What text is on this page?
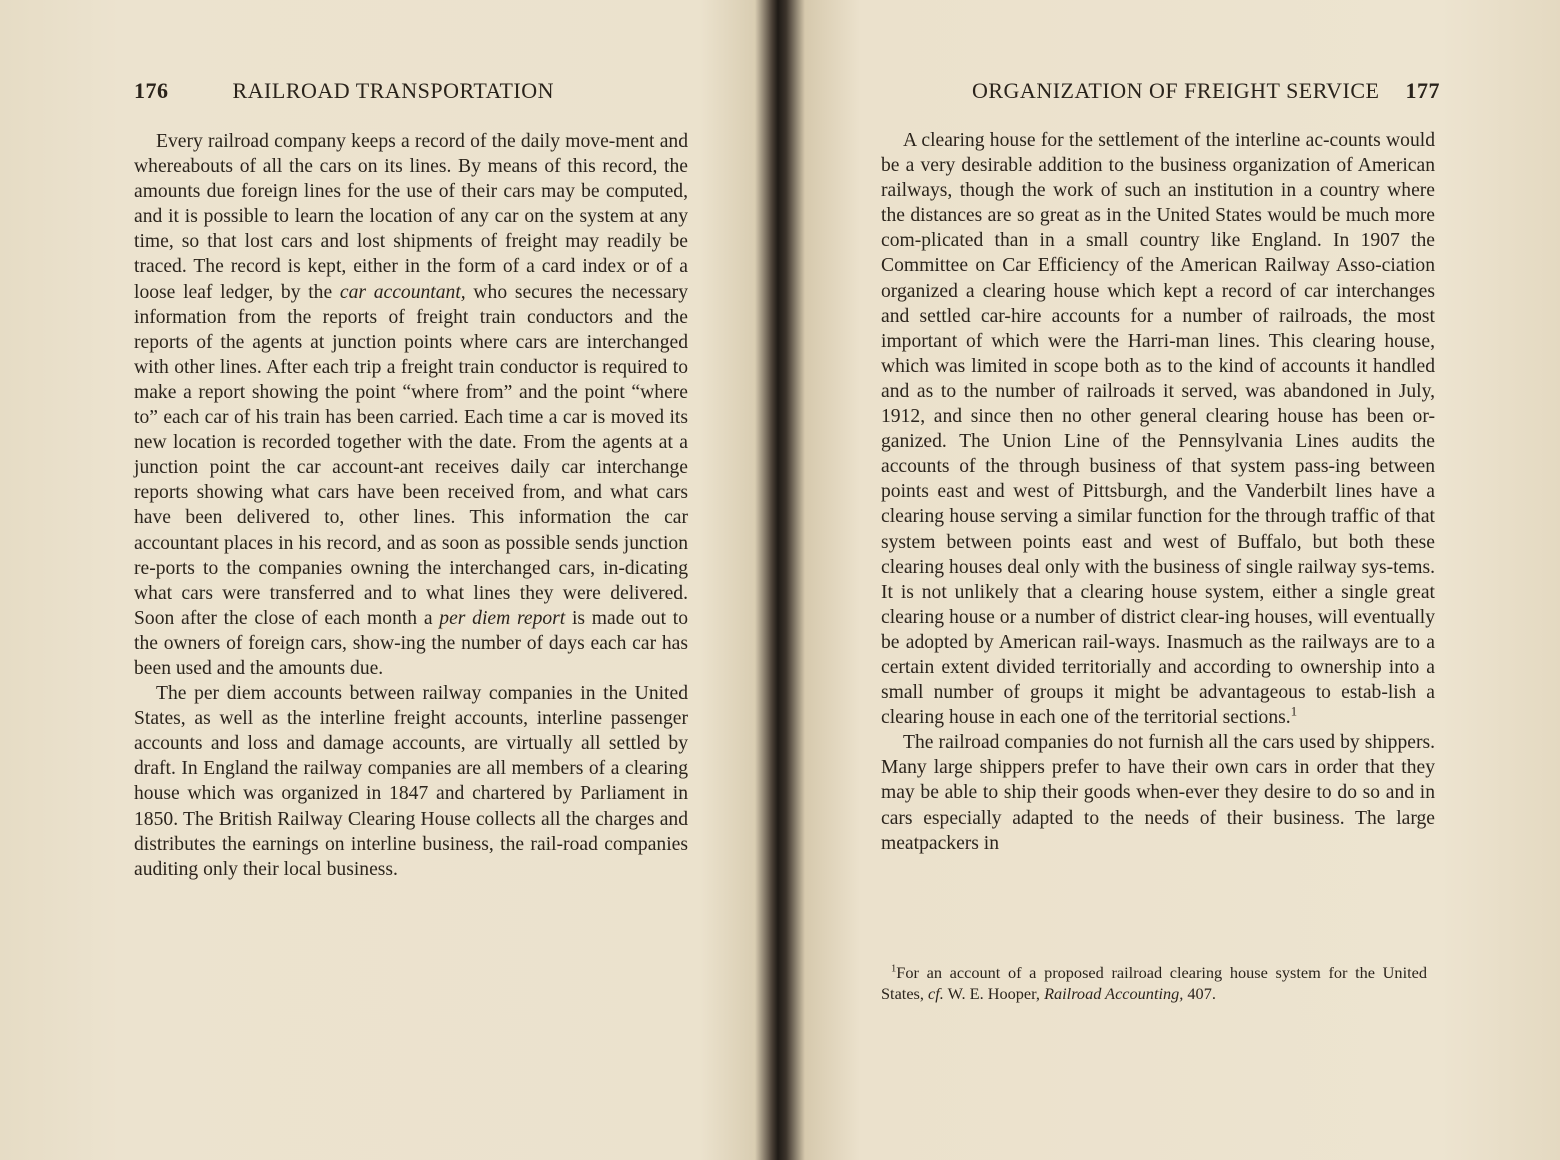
176	RAILROAD TRANSPORTATION

Every railroad company keeps a record of the daily move-ment and whereabouts of all the cars on its lines. By means of this record, the amounts due foreign lines for the use of their cars may be computed, and it is possible to learn the location of any car on the system at any time, so that lost cars and lost shipments of freight may readily be traced. The record is kept, either in the form of a card index or of a loose leaf ledger, by the car accountant, who secures the necessary information from the reports of freight train conductors and the reports of the agents at junction points where cars are interchanged with other lines. After each trip a freight train conductor is required to make a report showing the point “where from” and the point “where to” each car of his train has been carried. Each time a car is moved its new location is recorded together with the date. From the agents at a junction point the car account-ant receives daily car interchange reports showing what cars have been received from, and what cars have been delivered to, other lines. This information the car accountant places in his record, and as soon as possible sends junction re-ports to the companies owning the interchanged cars, in-dicating what cars were transferred and to what lines they were delivered. Soon after the close of each month a per diem report is made out to the owners of foreign cars, show-ing the number of days each car has been used and the amounts due.

The per diem accounts between railway companies in the United States, as well as the interline freight accounts, interline passenger accounts and loss and damage accounts, are virtually all settled by draft. In England the railway companies are all members of a clearing house which was organized in 1847 and chartered by Parliament in 1850. The British Railway Clearing House collects all the charges and distributes the earnings on interline business, the rail-road companies auditing only their local business.

ORGANIZATION OF FREIGHT SERVICE 177

A clearing house for the settlement of the interline ac-counts would be a very desirable addition to the business organization of American railways, though the work of such an institution in a country where the distances are so great as in the United States would be much more com-plicated than in a small country like England. In 1907 the Committee on Car Efficiency of the American Railway Asso-ciation organized a clearing house which kept a record of car interchanges and settled car-hire accounts for a number of railroads, the most important of which were the Harri-man lines. This clearing house, which was limited in scope both as to the kind of accounts it handled and as to the number of railroads it served, was abandoned in July, 1912, and since then no other general clearing house has been or-ganized. The Union Line of the Pennsylvania Lines audits the accounts of the through business of that system pass-ing between points east and west of Pittsburgh, and the Vanderbilt lines have a clearing house serving a similar function for the through traffic of that system between points east and west of Buffalo, but both these clearing houses deal only with the business of single railway sys-tems. It is not unlikely that a clearing house system, either a single great clearing house or a number of district clear-ing houses, will eventually be adopted by American rail-ways. Inasmuch as the railways are to a certain extent divided territorially and according to ownership into a small number of groups it might be advantageous to estab-lish a clearing house in each one of the territorial sections.$^1$

The railroad companies do not furnish all the cars used by shippers. Many large shippers prefer to have their own cars in order that they may be able to ship their goods when-ever they desire to do so and in cars especially adapted to the needs of their business. The large meatpackers in

$^1$For an account of a proposed railroad clearing house system for the United States, cf. W. E. Hooper, Railroad Accounting, 407.
